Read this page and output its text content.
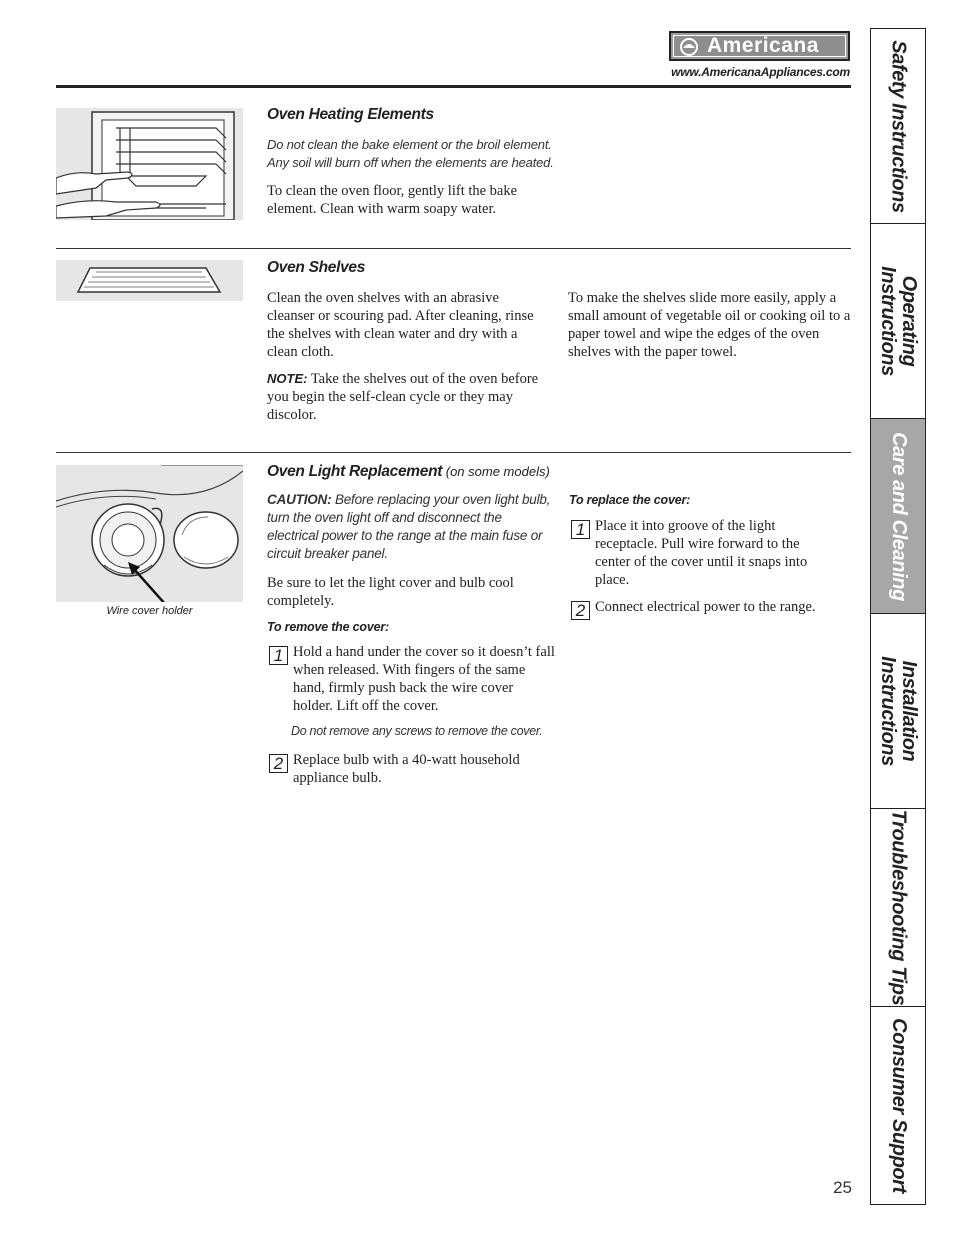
Americana
www.AmericanaAppliances.com
Oven Heating Elements
Do not clean the bake element or the broil element. Any soil will burn off when the elements are heated.
To clean the oven floor, gently lift the bake element. Clean with warm soapy water.
Oven Shelves
Clean the oven shelves with an abrasive cleanser or scouring pad. After cleaning, rinse the shelves with clean water and dry with a clean cloth.
NOTE: Take the shelves out of the oven before you begin the self-clean cycle or they may discolor.
To make the shelves slide more easily, apply a small amount of vegetable oil or cooking oil to a paper towel and wipe the edges of the oven shelves with the paper towel.
Wire cover holder
Oven Light Replacement (on some models)
CAUTION: Before replacing your oven light bulb, turn the oven light off and disconnect the electrical power to the range at the main fuse or circuit breaker panel.
Be sure to let the light cover and bulb cool completely.
To remove the cover:
1 Hold a hand under the cover so it doesn’t fall when released. With fingers of the same hand, firmly push back the wire cover holder. Lift off the cover.
Do not remove any screws to remove the cover.
2 Replace bulb with a 40-watt household appliance bulb.
To replace the cover:
1 Place it into groove of the light receptacle. Pull wire forward to the center of the cover until it snaps into place.
2 Connect electrical power to the range.
25
Safety Instructions
Operating Instructions
Care and Cleaning
Installation Instructions
Troubleshooting Tips
Consumer Support
